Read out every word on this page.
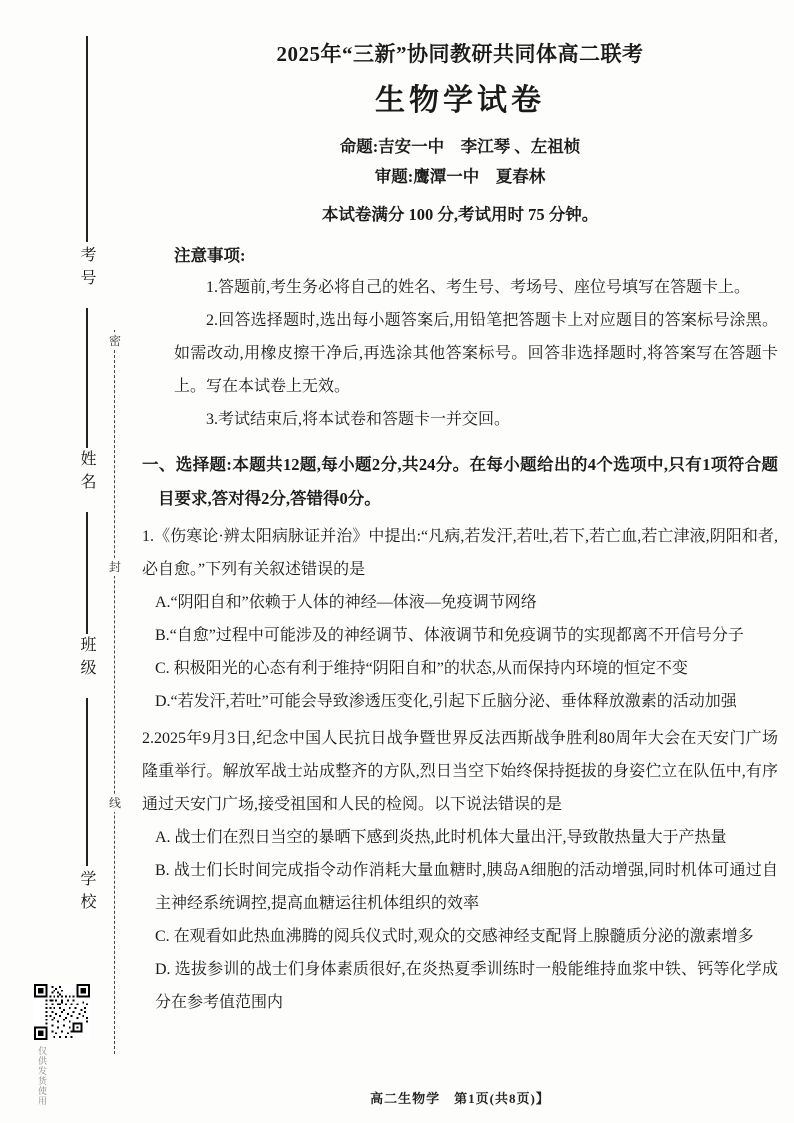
考号
姓名
班级
学校
密
封
线
仅供发货使用

2025年“三新”协同教研共同体高二联考

生物学试卷

命题:吉安一中　李江琴 、左祖桢

审题:鹰潭一中　夏春林

本试卷满分 100 分,考试用时 75 分钟。

注意事项:

1.答题前,考生务必将自己的姓名、考生号、考场号、座位号填写在答题卡上。

2.回答选择题时,选出每小题答案后,用铅笔把答题卡上对应题目的答案标号涂黑。如需改动,用橡皮擦干净后,再选涂其他答案标号。回答非选择题时,将答案写在答题卡上。写在本试卷上无效。

3.考试结束后,将本试卷和答题卡一并交回。

一、选择题:本题共12题,每小题2分,共24分。在每小题给出的4个选项中,只有1项符合题目要求,答对得2分,答错得0分。

1.《伤寒论·辨太阳病脉证并治》中提出:“凡病,若发汗,若吐,若下,若亡血,若亡津液,阴阳和者,必自愈。”下列有关叙述错误的是

A.“阴阳自和”依赖于人体的神经—体液—免疫调节网络

B.“自愈”过程中可能涉及的神经调节、体液调节和免疫调节的实现都离不开信号分子

C. 积极阳光的心态有利于维持“阴阳自和”的状态,从而保持内环境的恒定不变

D.“若发汗,若吐”可能会导致渗透压变化,引起下丘脑分泌、垂体释放激素的活动加强

2.2025年9月3日,纪念中国人民抗日战争暨世界反法西斯战争胜利80周年大会在天安门广场隆重举行。解放军战士站成整齐的方队,烈日当空下始终保持挺拔的身姿伫立在队伍中,有序通过天安门广场,接受祖国和人民的检阅。以下说法错误的是

A. 战士们在烈日当空的暴晒下感到炎热,此时机体大量出汗,导致散热量大于产热量

B. 战士们长时间完成指令动作消耗大量血糖时,胰岛A细胞的活动增强,同时机体可通过自主神经系统调控,提高血糖运往机体组织的效率

C. 在观看如此热血沸腾的阅兵仪式时,观众的交感神经支配肾上腺髓质分泌的激素增多

D. 选拔参训的战士们身体素质很好,在炎热夏季训练时一般能维持血浆中铁、钙等化学成分在参考值范围内

高二生物学　第1页(共8页)】
